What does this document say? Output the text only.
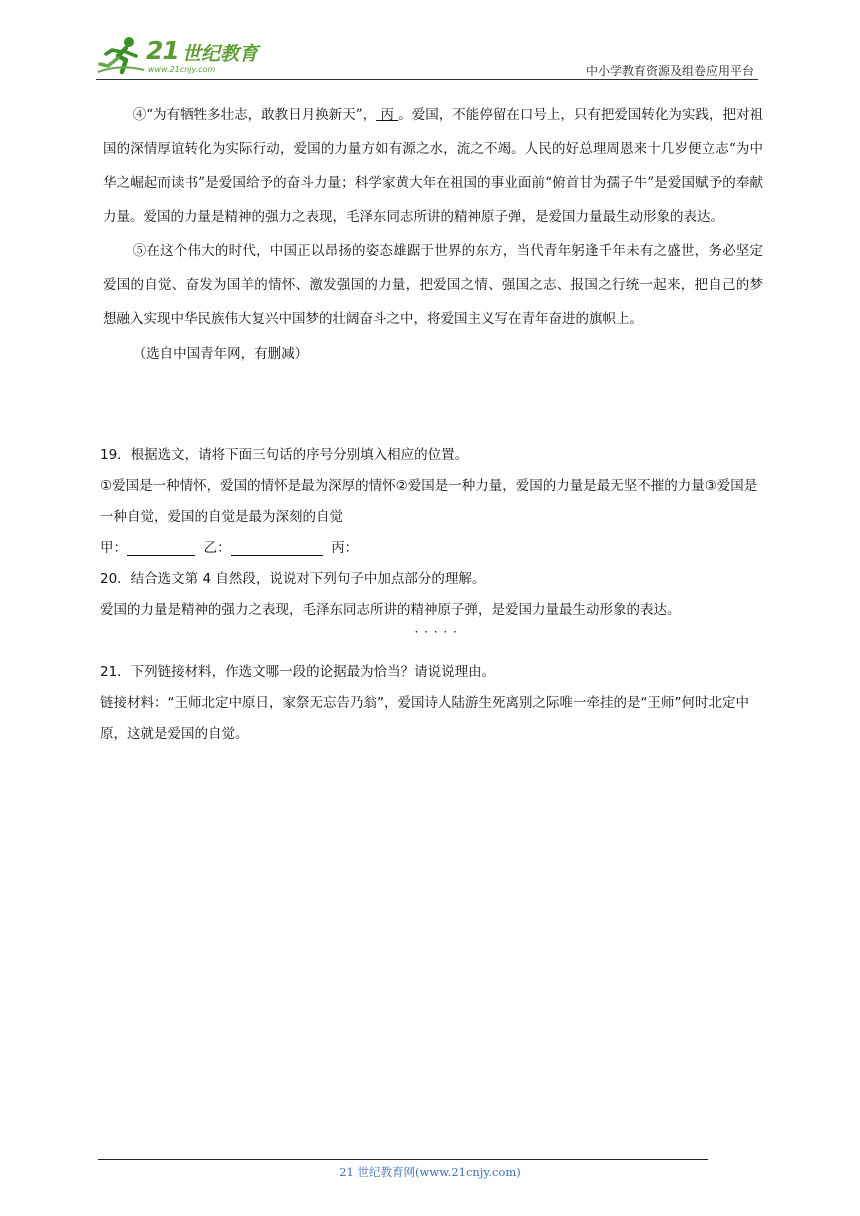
21 世纪教育
www.21cnjy.com	中小学教育资源及组卷应用平台

④“为有牺牲多壮志，敢教日月换新天”， 丙 。爱国，不能停留在口号上，只有把爱国转化为实践，把对祖国的深情厚谊转化为实际行动，爱国的力量方如有源之水，流之不竭。人民的好总理周恩来十几岁便立志“为中华之崛起而读书”是爱国给予的奋斗力量；科学家黄大年在祖国的事业面前“俯首甘为孺子牛”是爱国赋予的奉献力量。爱国的力量是精神的强力之表现，毛泽东同志所讲的精神原子弹，是爱国力量最生动形象的表达。

⑤在这个伟大的时代，中国正以昂扬的姿态雄踞于世界的东方，当代青年躬逢千年未有之盛世，务必坚定爱国的自觉、奋发为国羊的情怀、激发强国的力量，把爱国之情、强国之志、报国之行统一起来，把自己的梦想融入实现中华民族伟大复兴中国梦的壮阔奋斗之中，将爱国主义写在青年奋进的旗帜上。

（选自中国青年网，有删减）

19．根据选文，请将下面三句话的序号分别填入相应的位置。

①爱国是一种情怀，爱国的情怀是最为深厚的情怀②爱国是一种力量，爱国的力量是最无坚不摧的力量③爱国是一种自觉，爱国的自觉是最为深刻的自觉

甲：	乙：	丙：

20．结合选文第 4 自然段，说说对下列句子中加点部分的理解。

爱国的力量是精神的强力之表现，毛泽东同志所讲的精神原子弹 · · ·，是爱国力量最生动形象的表达。

21．下列链接材料，作选文哪一段的论据最为恰当？请说说理由。

链接材料：“王师北定中原日，家祭无忘告乃翁”，爱国诗人陆游生死离别之际唯一牵挂的是“王师”何时北定中原，这就是爱国的自觉。

21 世纪教育网(www.21cnjy.com)
